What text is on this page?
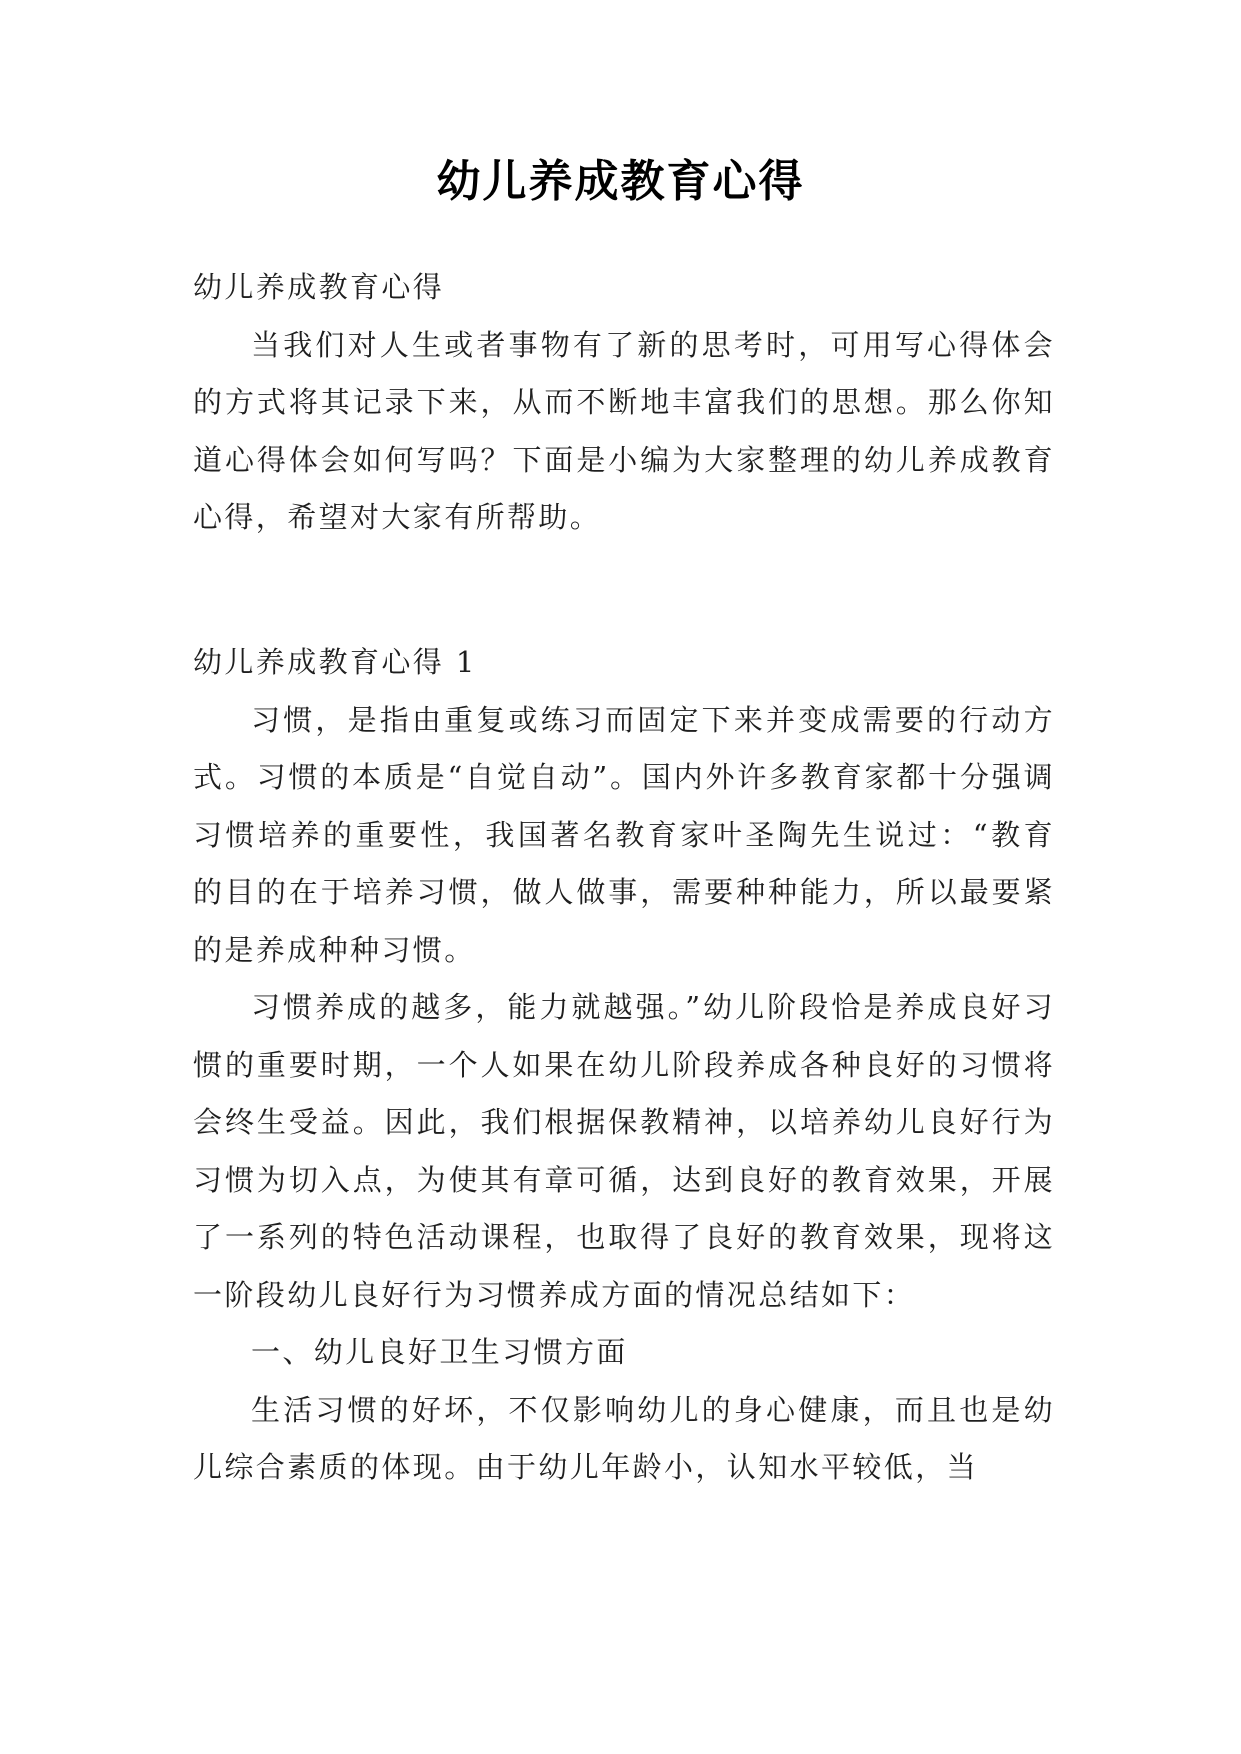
幼儿养成教育心得

幼儿养成教育心得

当我们对人生或者事物有了新的思考时，可用写心得体会的方式将其记录下来，从而不断地丰富我们的思想。那么你知道心得体会如何写吗？下面是小编为大家整理的幼儿养成教育心得，希望对大家有所帮助。

幼儿养成教育心得 1

习惯，是指由重复或练习而固定下来并变成需要的行动方式。习惯的本质是“自觉自动”。国内外许多教育家都十分强调习惯培养的重要性，我国著名教育家叶圣陶先生说过：“教育的目的在于培养习惯，做人做事，需要种种能力，所以最要紧的是养成种种习惯。

习惯养成的越多，能力就越强。”幼儿阶段恰是养成良好习惯的重要时期，一个人如果在幼儿阶段养成各种良好的习惯将会终生受益。因此，我们根据保教精神，以培养幼儿良好行为习惯为切入点，为使其有章可循，达到良好的教育效果，开展了一系列的特色活动课程，也取得了良好的教育效果，现将这一阶段幼儿良好行为习惯养成方面的情况总结如下：

一、幼儿良好卫生习惯方面

生活习惯的好坏，不仅影响幼儿的身心健康，而且也是幼儿综合素质的体现。由于幼儿年龄小，认知水平较低，当
